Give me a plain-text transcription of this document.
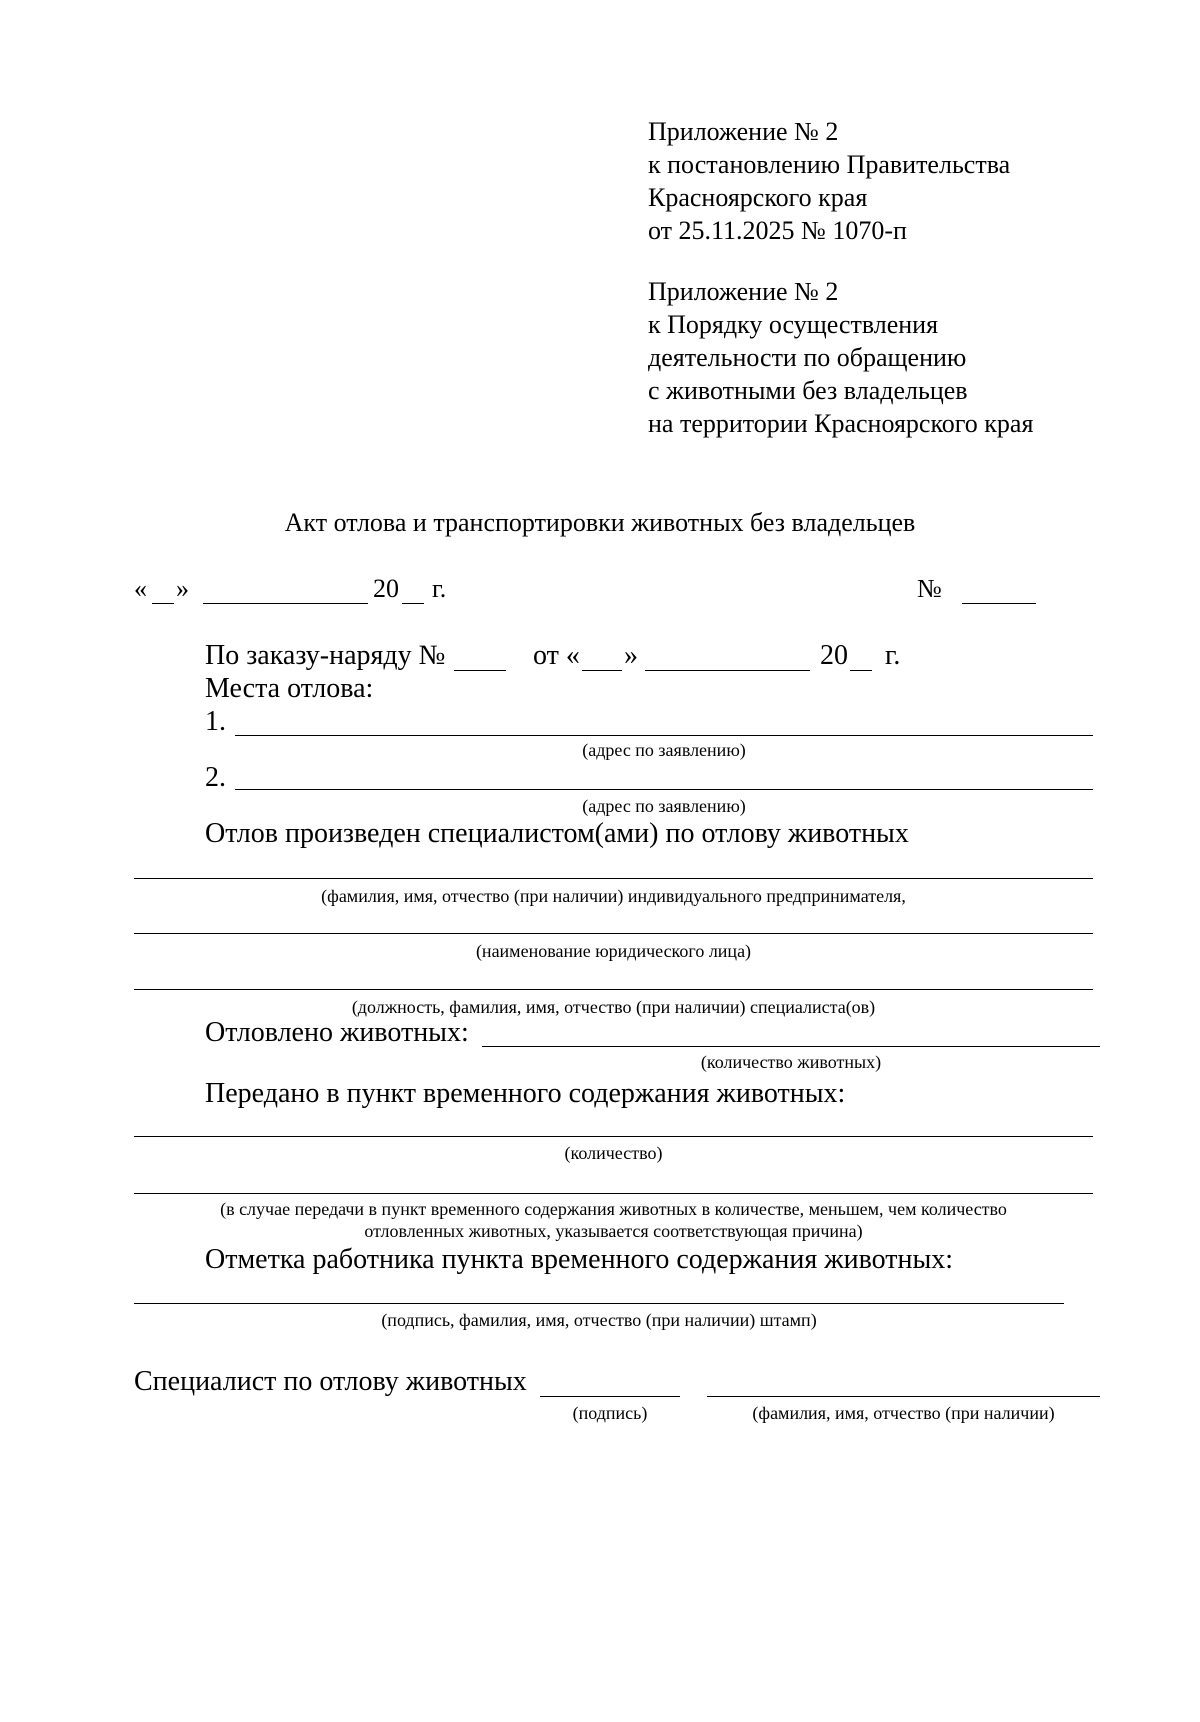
Приложение № 2
к постановлению Правительства
Красноярского края
от 25.11.2025 № 1070-п
Приложение № 2
к Порядку осуществления
деятельности по обращению
с животными без владельцев
на территории Красноярского края
Акт отлова и транспортировки животных без владельцев
« »	20 г.	№
По заказу-наряду №	от « »	20 г.
Места отлова:
1.
(адрес по заявлению)
2.
(адрес по заявлению)
Отлов произведен специалистом(ами) по отлову животных
(фамилия, имя, отчество (при наличии) индивидуального предпринимателя,
(наименование юридического лица)
(должность, фамилия, имя, отчество (при наличии) специалиста(ов)
Отловлено животных:
(количество животных)
Передано в пункт временного содержания животных:
(количество)
(в случае передачи в пункт временного содержания животных в количестве, меньшем, чем количество
отловленных животных, указывается соответствующая причина)
Отметка работника пункта временного содержания животных:
(подпись, фамилия, имя, отчество (при наличии) штамп)
Специалист по отлову животных
(подпись)	(фамилия, имя, отчество (при наличии)
